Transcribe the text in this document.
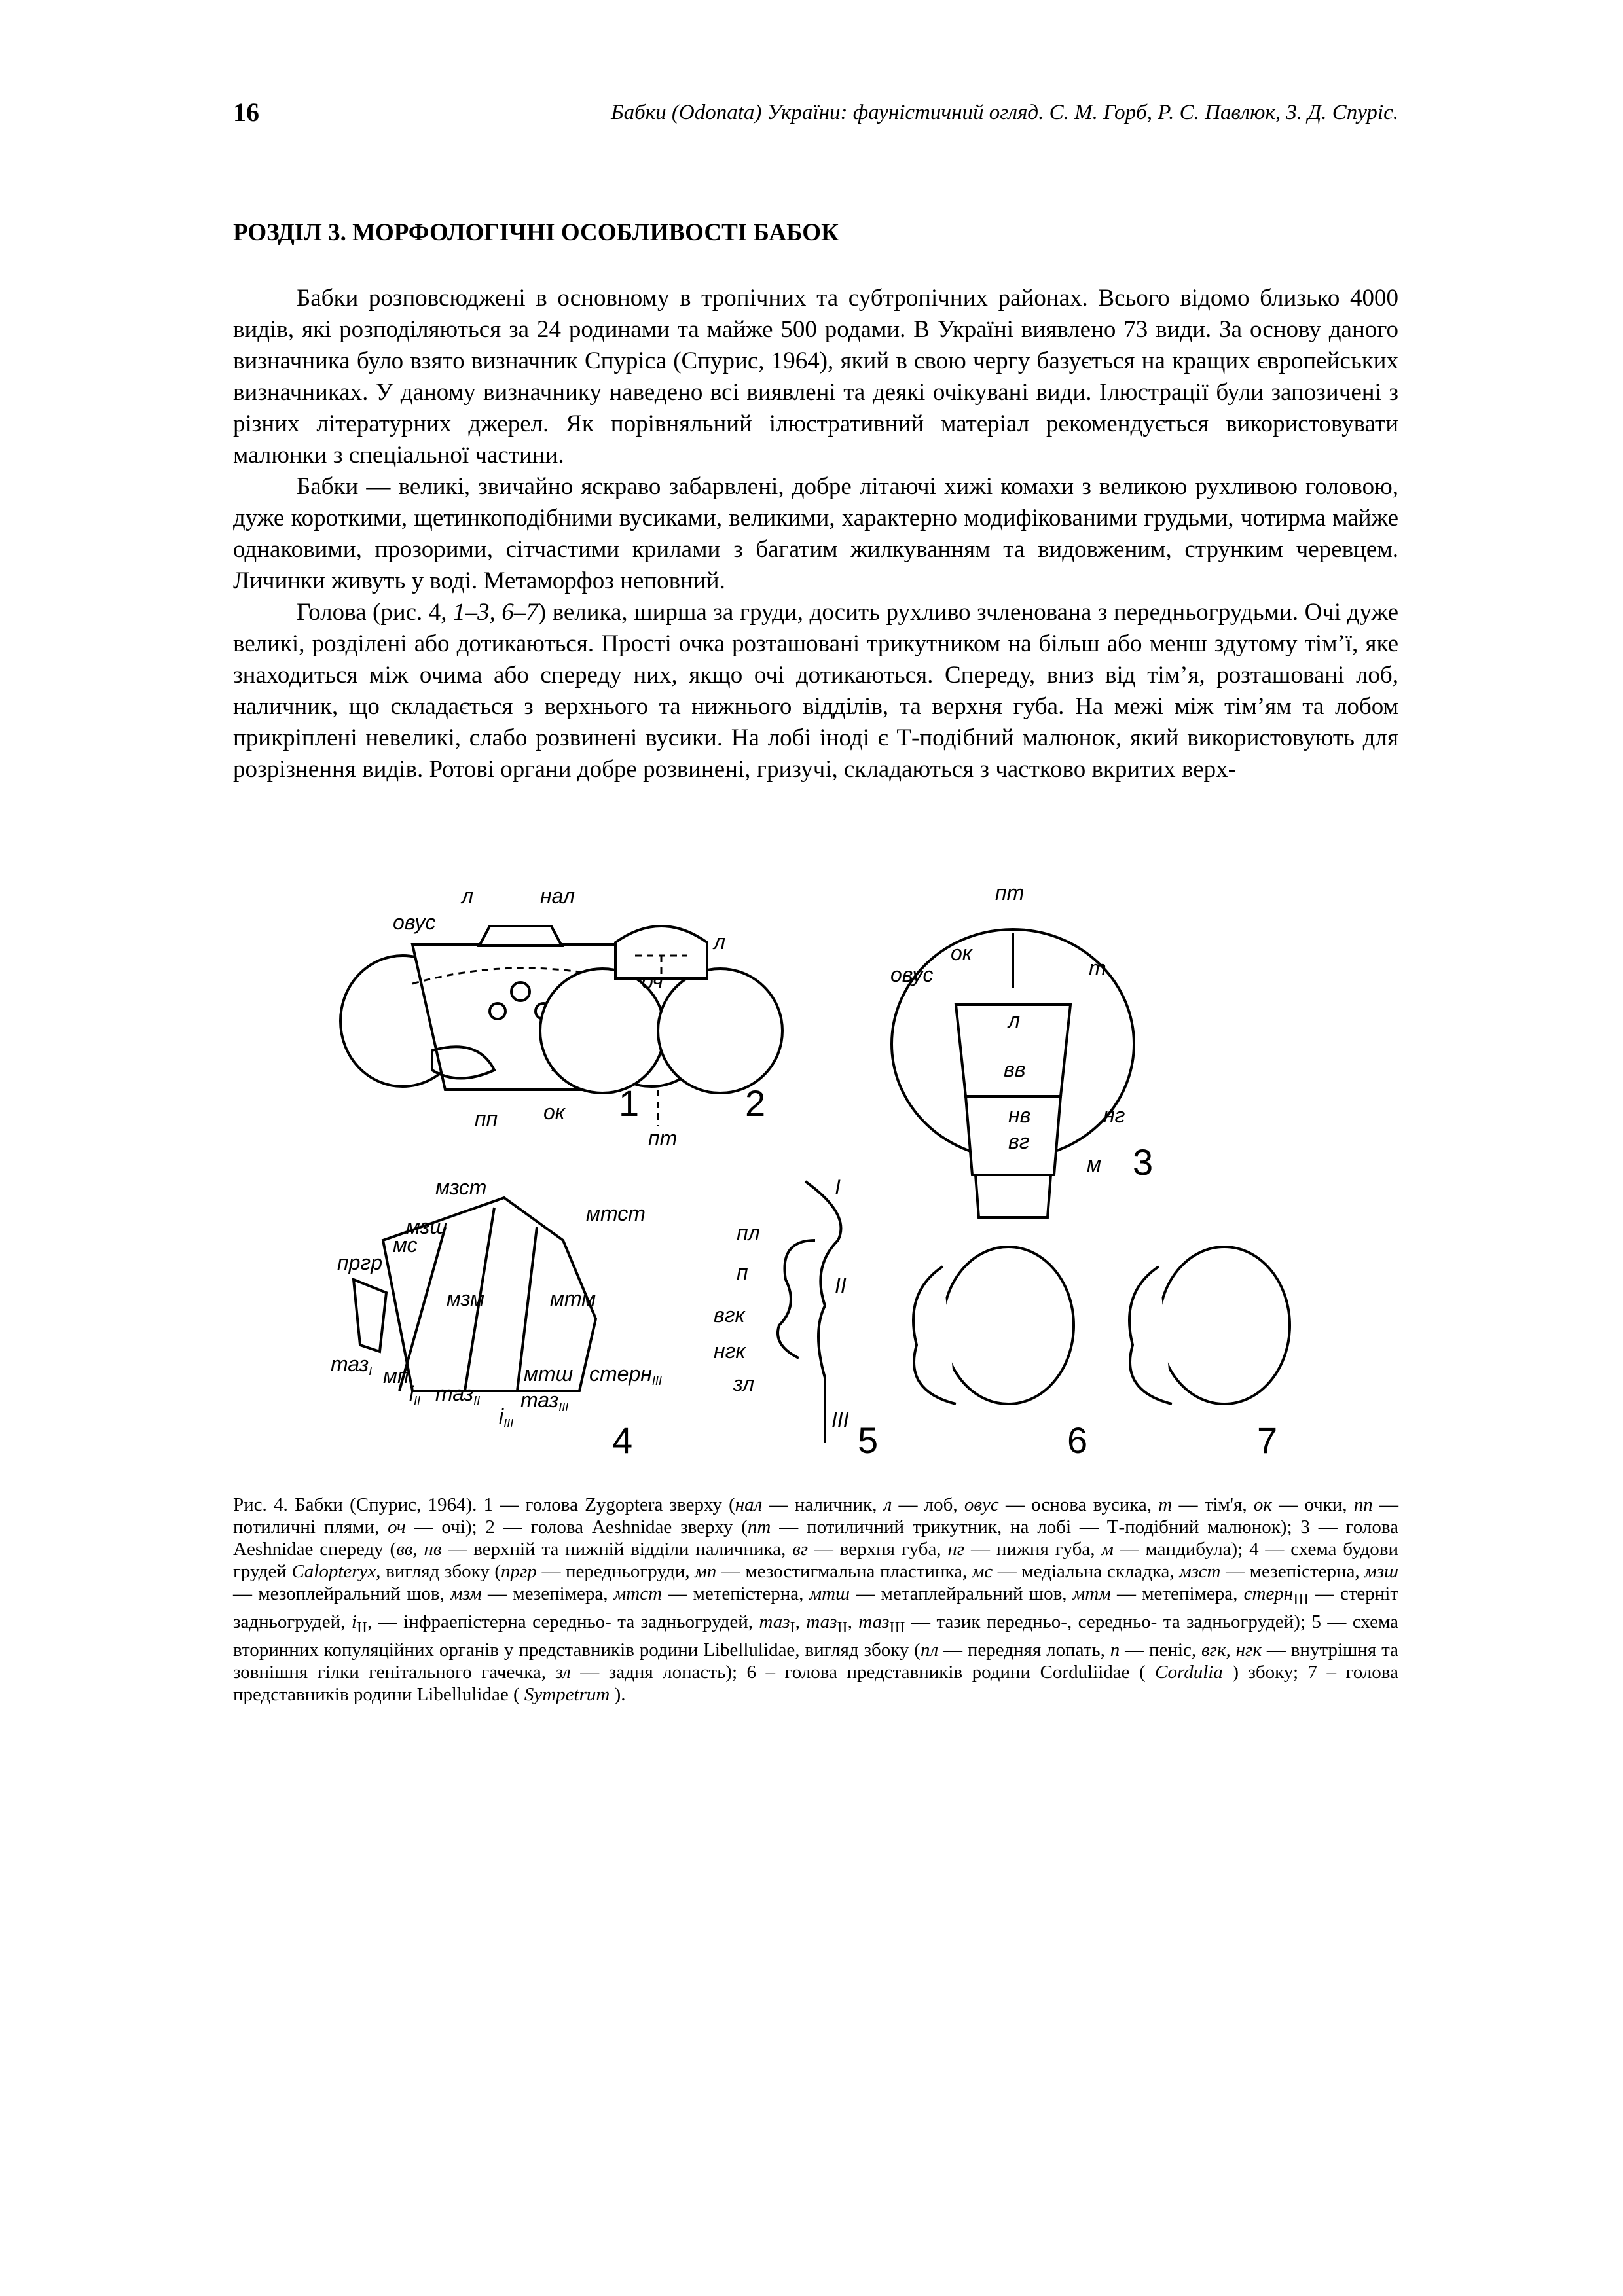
16	Бабки (Odonata) України: фауністичний огляд. С. М. Горб, Р. С. Павлюк, З. Д. Спуріс.
РОЗДІЛ 3. МОРФОЛОГІЧНІ ОСОБЛИВОСТІ БАБОК

Бабки розповсюджені в основному в тропічних та субтропічних районах. Всього відомо близько 4000 видів, які розподіляються за 24 родинами та майже 500 родами. В Україні виявлено 73 види. За основу даного визначника було взято визначник Спуріса (Спурис, 1964), який в свою чергу базується на кращих європейських визначниках. У даному визначнику наведено всі виявлені та деякі очікувані види. Ілюстрації були запозичені з різних літературних джерел. Як порівняльний ілюстративний матеріал рекомендується використовувати малюнки з спеціальної частини.

Бабки — великі, звичайно яскраво забарвлені, добре літаючі хижі комахи з великою рухливою головою, дуже короткими, щетинкоподібними вусиками, великими, характерно модифікованими грудьми, чотирма майже однаковими, прозорими, сітчастими крилами з багатим жилкуванням та видовженим, струнким черевцем. Личинки живуть у воді. Метаморфоз неповний.

Голова (рис. 4, 1–3, 6–7) велика, ширша за груди, досить рухливо зчленована з передньогрудьми. Очі дуже великі, розділені або дотикаються. Прості очка розташовані трикутником на більш або менш здутому тім’ї, яке знаходиться між очима або спереду них, якщо очі дотикаються. Спереду, вниз від тім’я, розташовані лоб, наличник, що складається з верхнього та нижнього відділів, та верхня губа. На межі між тім’ям та лобом прикріплені невеликі, слабо розвинені вусики. На лобі іноді є Т-подібний малюнок, який використовують для розрізнення видів. Ротові органи добре розвинені, гризучі, складаються з частково вкритих верх-

овус
л	нал
оч
пп ок
л
пт
пт
т
ок
овус
л
вв
нв
вг
нг
м
мзст
мтст
мзш
мс
пргр
мзм	мтм
тазI мп
iII тазII
мтш стернIII
тазIII
iIII
I
II
III
пл
п
вгк
нгк
зл
1	2
3
4	5	6	7
Рис. 4. Бабки (Спурис, 1964). 1 — голова Zygoptera зверху (нал — наличник, л — лоб, овус — основа вусика, т — тім'я, ок — очки, пп — потиличні плями, оч — очі); 2 — голова Aeshnidae зверху (пт — потиличний трикутник, на лобі — Т-подібний малюнок); 3 — голова Aeshnidae спереду (вв, нв — верхній та нижній відділи наличника, вг — верхня губа, нг — нижня губа, м — мандибула); 4 — схема будови грудей Calopteryx, вигляд збоку (пргр — передньогруди, мп — мезостигмальна пластинка, мс — медіальна складка, мзст — мезепістерна, мзш — мезоплейральний шов, мзм — мезепімера, мтст — метепістерна, мтш — метаплейральний шов, мтм — метепімера, стерн$_{III}$ — стерніт задньогрудей, $i_{II}$, — інфраепістерна середньо- та задньогрудей, таз$_I$, таз$_{II}$, таз$_{III}$ — тазик передньо-, середньо- та задньогрудей); 5 — схема вторинних копуляційних органів у представників родини Libellulidae, вигляд збоку (пл — передняя лопать, п — пеніс, вгк, нгк — внутрішня та зовнішня гілки генітального гачечка, зл — задня лопасть); 6 – голова представників родини Corduliidae ( Cordulia ) збоку; 7 – голова представників родини Libellulidae ( Sympetrum ).
